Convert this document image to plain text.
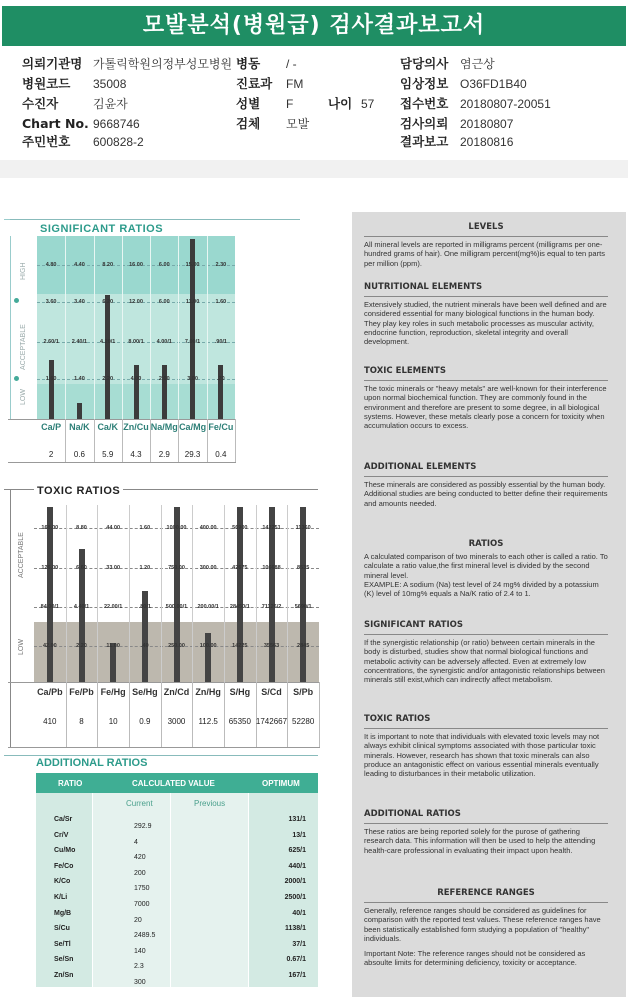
모발분석(병원급) 검사결과보고서
의뢰기관명 가톨릭학원의정부성모병원 병동 / -	담당의사 염근상
병원코드 35008	진료과 FM	임상정보 O36FD1B40
수진자	김윤자	성별 F	나이 57 접수번호 20180807-20051
Chart No. 9668746	검체 모발	검사의뢰 20180807
주민번호 600828-2	결과보고 20180816
SIGNIFICANT RATIOS
HIGH
ACCEPTABLE
LOW
4.80
3.60
2.60/1
1.60
4.40
3.40
2.40/1
1.40
8.20
6.20
4.20/1
2.20
16.00
12.00
8.00/1
4.00
6.00
6.00
4.00/1
2.00
15.00
11.00
7.00/1
3.00
2.30
1.60
.90/1
.20
TOXIC RATIOS
ACCEPTABLE
LOW
168.00
126.00
84.00/1
42.00
8.80
6.60
4.40/1
2.20
44.00
33.00
22.00/1
11.00
1.60
1.20
.80/1
.40
1000.00
750.00
500.00/1
250.00
400.00
300.00
200.00/1
100.00
56900
42675
28450/1
14225
142251
106688
71126/2
35563
11360
8535
5690/1
2845
ADDITIONAL RATIOS
RATIO	CALCULATED VALUE	OPTIMUM
Current	Previous
Ca/Sr
292.9
131/1
Cr/V
4
13/1
Cu/Mo
420
625/1
Fe/Co
200
440/1
K/Co
1750
2000/1
K/Li
7000
2500/1
Mg/B
20
40/1
S/Cu
2489.5
1138/1
Se/Tl
140
37/1
Se/Sn
2.3
0.67/1
Zn/Sn
300
167/1
LEVELS
All mineral levels are reported in milligrams percent (milligrams per one-hundred grams of hair). One milligram percent(mg%)is equal to ten parts per million (ppm).
NUTRITIONAL ELEMENTS
Extensively studied, the nutrient minerals have been well defined and are considered essential for many biological functions in the human body. They play key roles in such metabolic processes as muscular activity, endocrine function, reproduction, skeletal integrity and overall development.
TOXIC ELEMENTS
The toxic minerals or "heavy metals" are well-known for their interference upon normal biochemical function. They are commonly found in the environment and therefore are present to some degree, in all biological systems. However, these metals clearly pose a concern for toxicity when accumulation occurs to excess.
ADDITIONAL ELEMENTS
These minerals are considered as possibly essential by the human body. Additional studies are being conducted to better define their requirements and amounts needed.
RATIOS
A calculated comparison of two minerals to each other is called a ratio. To calculate a ratio value,the first mineral level is divided by the second mineral level.
EXAMPLE: A sodium (Na) test level of 24 mg% divided by a potassium (K) level of 10mg% equals a Na/K ratio of 2.4 to 1.
SIGNIFICANT RATIOS
If the synergistic relationship (or ratio) between certain minerals in the body is disturbed, studies show that normal biological functions and metabolic activity can be adversely affected. Even at extremely low concentrations, the synergistic and/or antagonistic relationships between minerals still exist,which can indirectly affect metabolism.
TOXIC RATIOS
It is important to note that individuals with elevated toxic levels may not always exhibit clinical symptoms associated with those particular toxic minerals. However, research has shown that toxic minerals can also produce an antagonistic effect on various essential minerals eventually leading to disturbances in their metabolic utilization.
ADDITIONAL RATIOS
These ratios are being reported solely for the purose of gathering research data. This information will then be used to help the attending health-care professional in evaluating their impact upon health.
REFERENCE RANGES
Generally, reference ranges should be considered as guidelines for comparison with the reported test values. These reference ranges have been statistically established form studying a population of "healthy" individuals.
Important Note: The reference ranges should not be considered as absoulte limits for determining deficiency, toxicity or acceptance.
Ca/P
2
Na/K
0.6
Ca/K
5.9
Zn/Cu
4.3
Na/Mg
2.9
Ca/Mg
29.3
Fe/Cu
0.4
Ca/Pb
410
Fe/Pb
8
Fe/Hg
10
Se/Hg
0.9
Zn/Cd
3000
Zn/Hg
112.5
S/Hg
65350
S/Cd
1742667
S/Pb
52280
